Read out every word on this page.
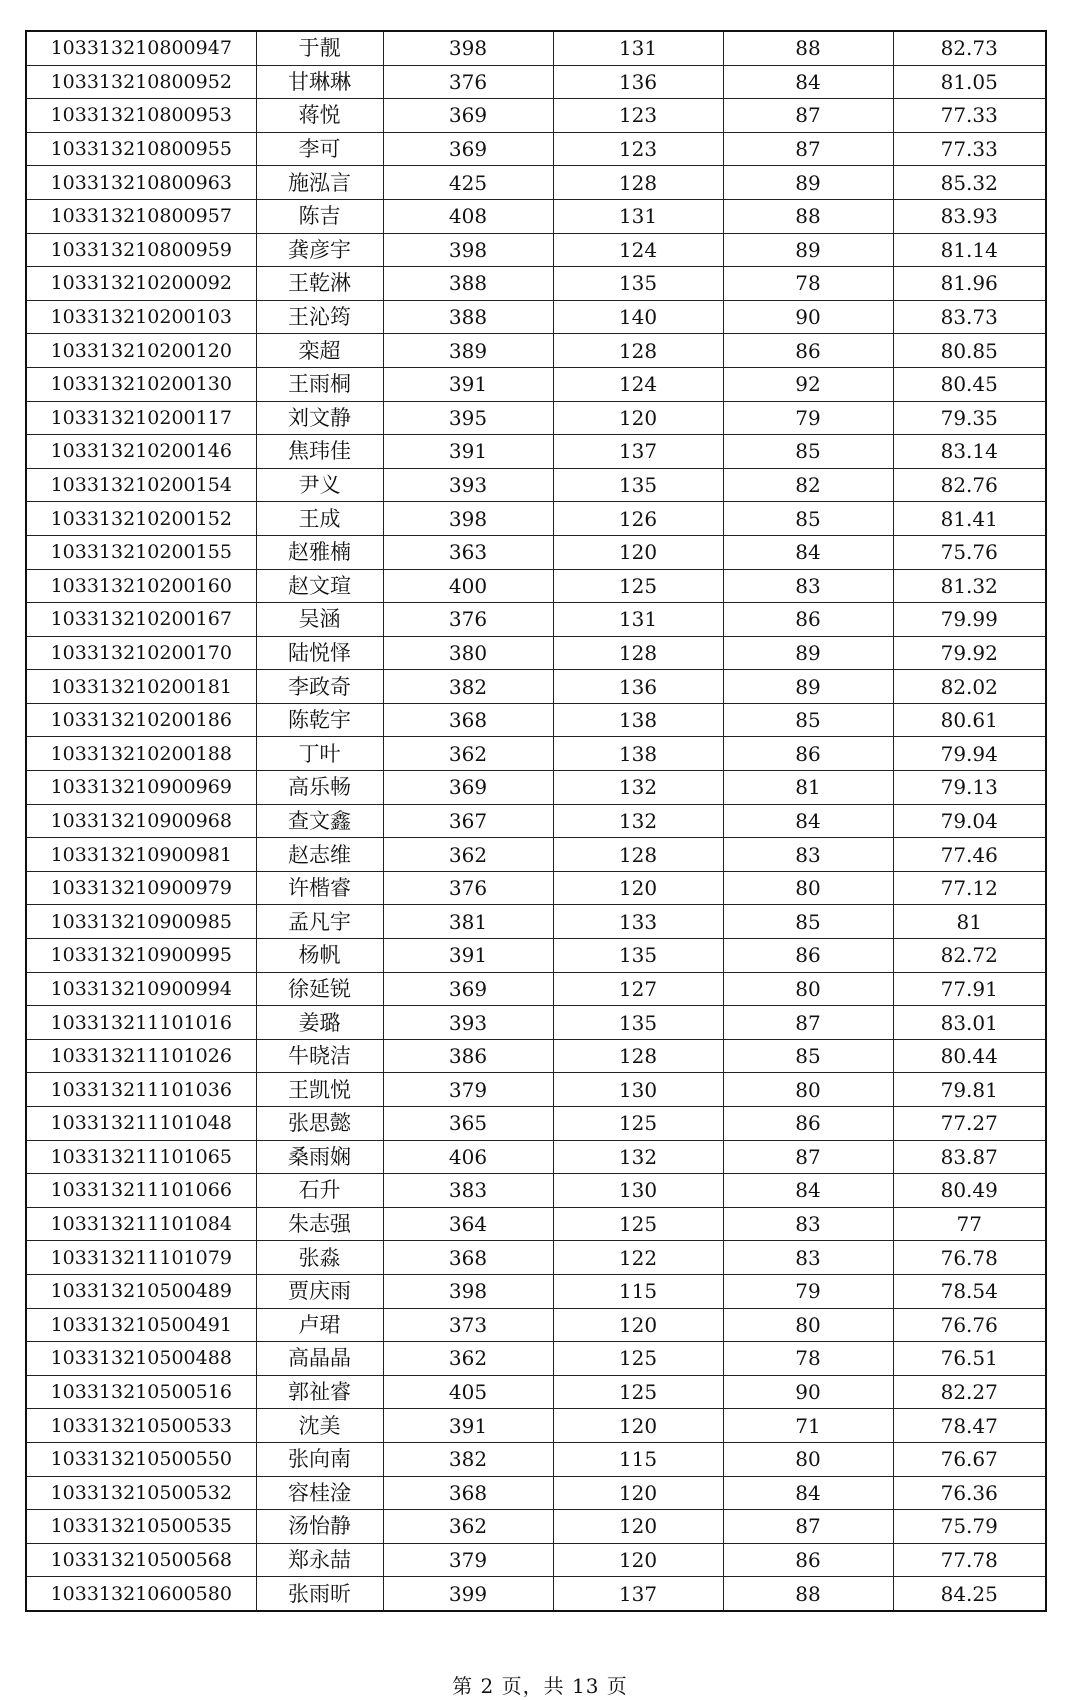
103313210800947	于靓	398	131	88	82.73
103313210800952	甘琳琳	376	136	84	81.05
103313210800953	蒋悦	369	123	87	77.33
103313210800955	李可	369	123	87	77.33
103313210800963	施泓言	425	128	89	85.32
103313210800957	陈吉	408	131	88	83.93
103313210800959	龚彦宇	398	124	89	81.14
103313210200092	王乾淋	388	135	78	81.96
103313210200103	王沁筠	388	140	90	83.73
103313210200120	栾超	389	128	86	80.85
103313210200130	王雨桐	391	124	92	80.45
103313210200117	刘文静	395	120	79	79.35
103313210200146	焦玮佳	391	137	85	83.14
103313210200154	尹义	393	135	82	82.76
103313210200152	王成	398	126	85	81.41
103313210200155	赵雅楠	363	120	84	75.76
103313210200160	赵文瑄	400	125	83	81.32
103313210200167	吴涵	376	131	86	79.99
103313210200170	陆悦怿	380	128	89	79.92
103313210200181	李政奇	382	136	89	82.02
103313210200186	陈乾宇	368	138	85	80.61
103313210200188	丁叶	362	138	86	79.94
103313210900969	高乐畅	369	132	81	79.13
103313210900968	查文鑫	367	132	84	79.04
103313210900981	赵志维	362	128	83	77.46
103313210900979	许楷睿	376	120	80	77.12
103313210900985	孟凡宇	381	133	85	81
103313210900995	杨帆	391	135	86	82.72
103313210900994	徐延锐	369	127	80	77.91
103313211101016	姜璐	393	135	87	83.01
103313211101026	牛晓洁	386	128	85	80.44
103313211101036	王凯悦	379	130	80	79.81
103313211101048	张思懿	365	125	86	77.27
103313211101065	桑雨娴	406	132	87	83.87
103313211101066	石升	383	130	84	80.49
103313211101084	朱志强	364	125	83	77
103313211101079	张淼	368	122	83	76.78
103313210500489	贾庆雨	398	115	79	78.54
103313210500491	卢珺	373	120	80	76.76
103313210500488	高晶晶	362	125	78	76.51
103313210500516	郭祉睿	405	125	90	82.27
103313210500533	沈美	391	120	71	78.47
103313210500550	张向南	382	115	80	76.67
103313210500532	容桂淦	368	120	84	76.36
103313210500535	汤怡静	362	120	87	75.79
103313210500568	郑永喆	379	120	86	77.78
103313210600580	张雨昕	399	137	88	84.25
第 2 页，共 13 页
